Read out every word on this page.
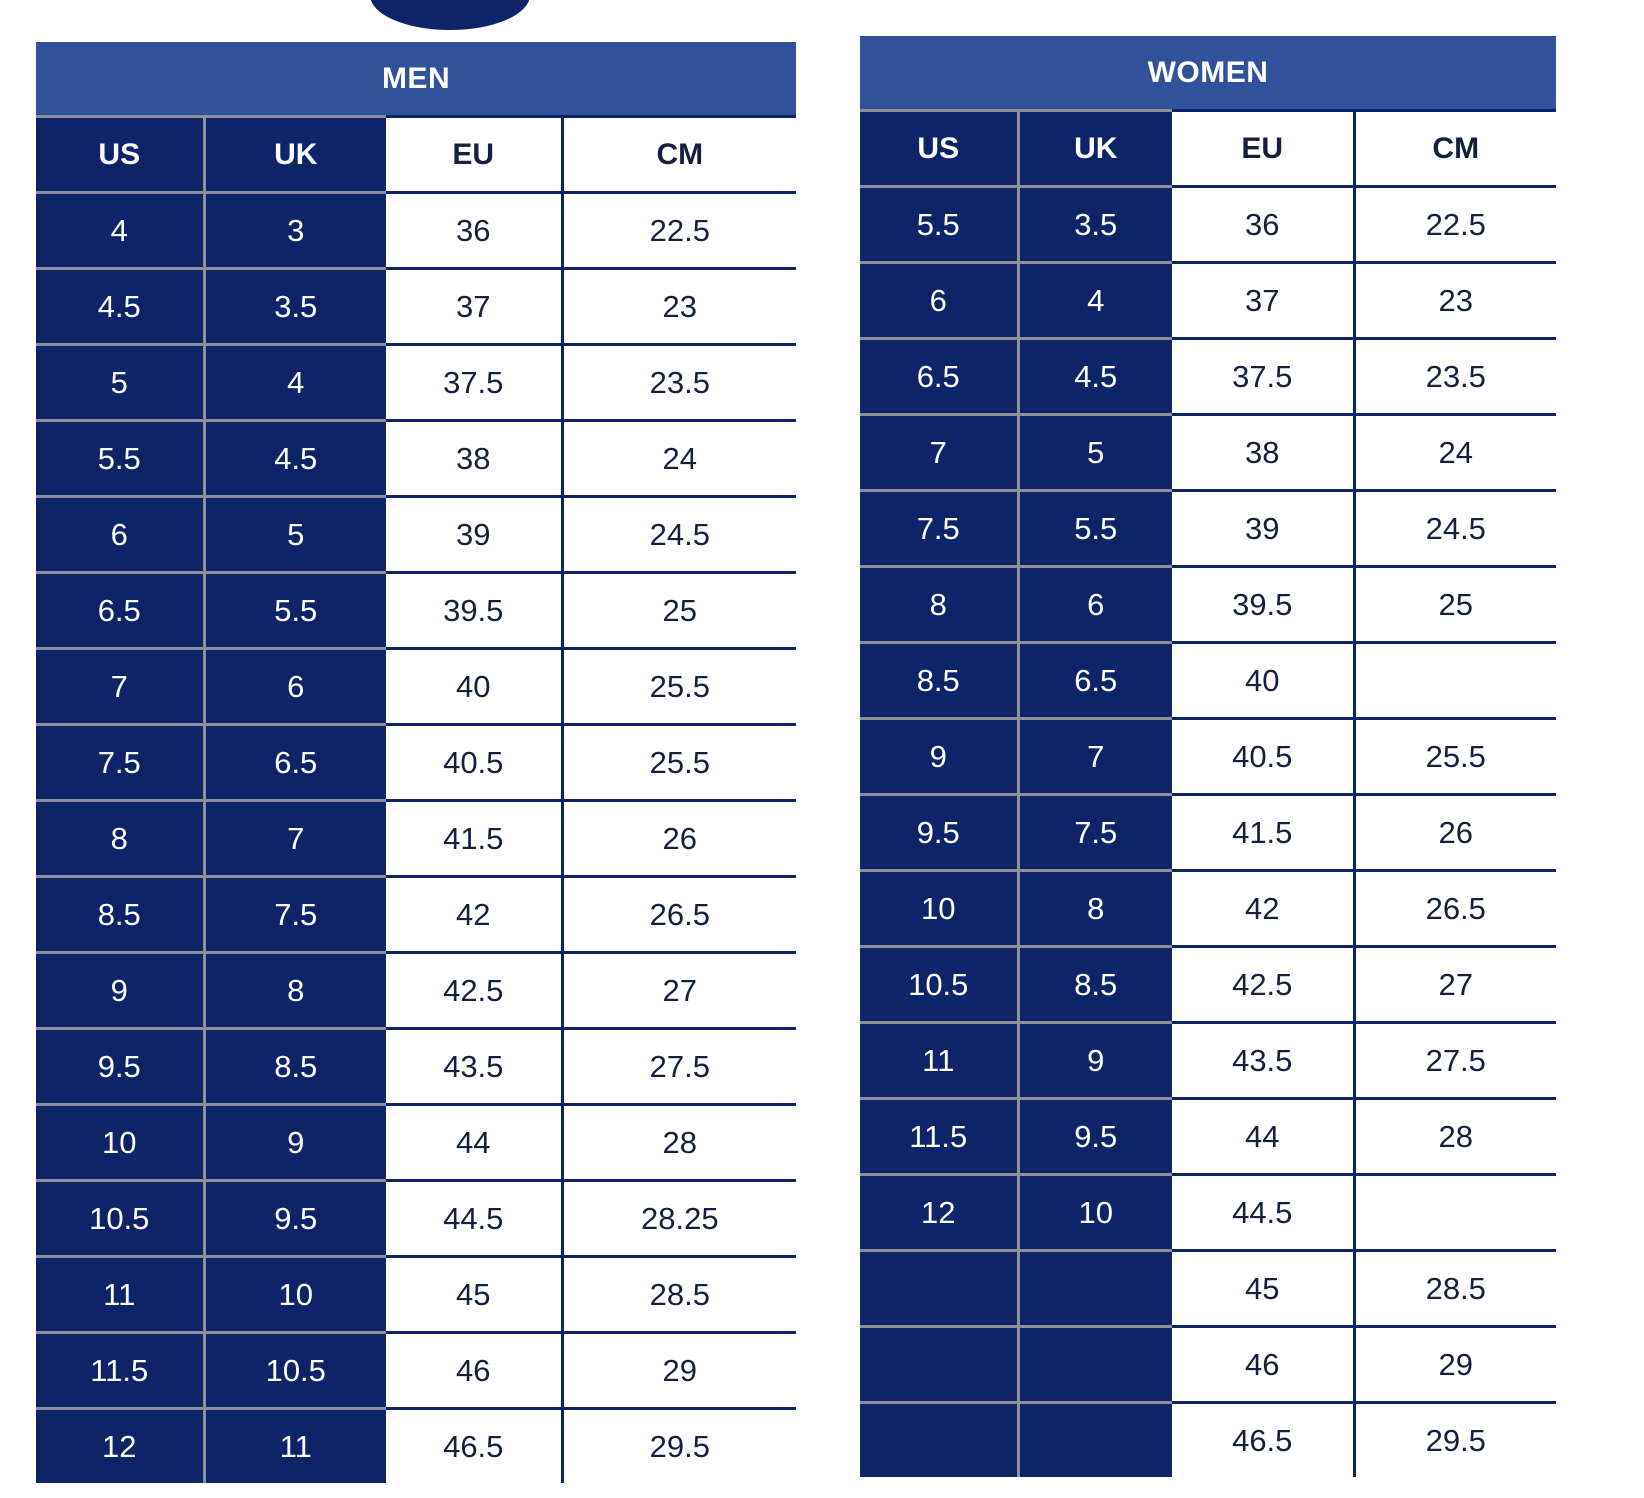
MEN			
US	UK	EU	CM
4	3	36	22.5
4.5	3.5	37	23
5	4	37.5	23.5
5.5	4.5	38	24
6	5	39	24.5
6.5	5.5	39.5	25
7	6	40	25.5
7.5	6.5	40.5	25.5
8	7	41.5	26
8.5	7.5	42	26.5
9	8	42.5	27
9.5	8.5	43.5	27.5
10	9	44	28
10.5	9.5	44.5	28.25
11	10	45	28.5
11.5	10.5	46	29
12	11	46.5	29.5
WOMEN			
US	UK	EU	CM
5.5	3.5	36	22.5
6	4	37	23
6.5	4.5	37.5	23.5
7	5	38	24
7.5	5.5	39	24.5
8	6	39.5	25
8.5	6.5	40	
9	7	40.5	25.5
9.5	7.5	41.5	26
10	8	42	26.5
10.5	8.5	42.5	27
11	9	43.5	27.5
11.5	9.5	44	28
12	10	44.5	
		45	28.5
		46	29
		46.5	29.5
